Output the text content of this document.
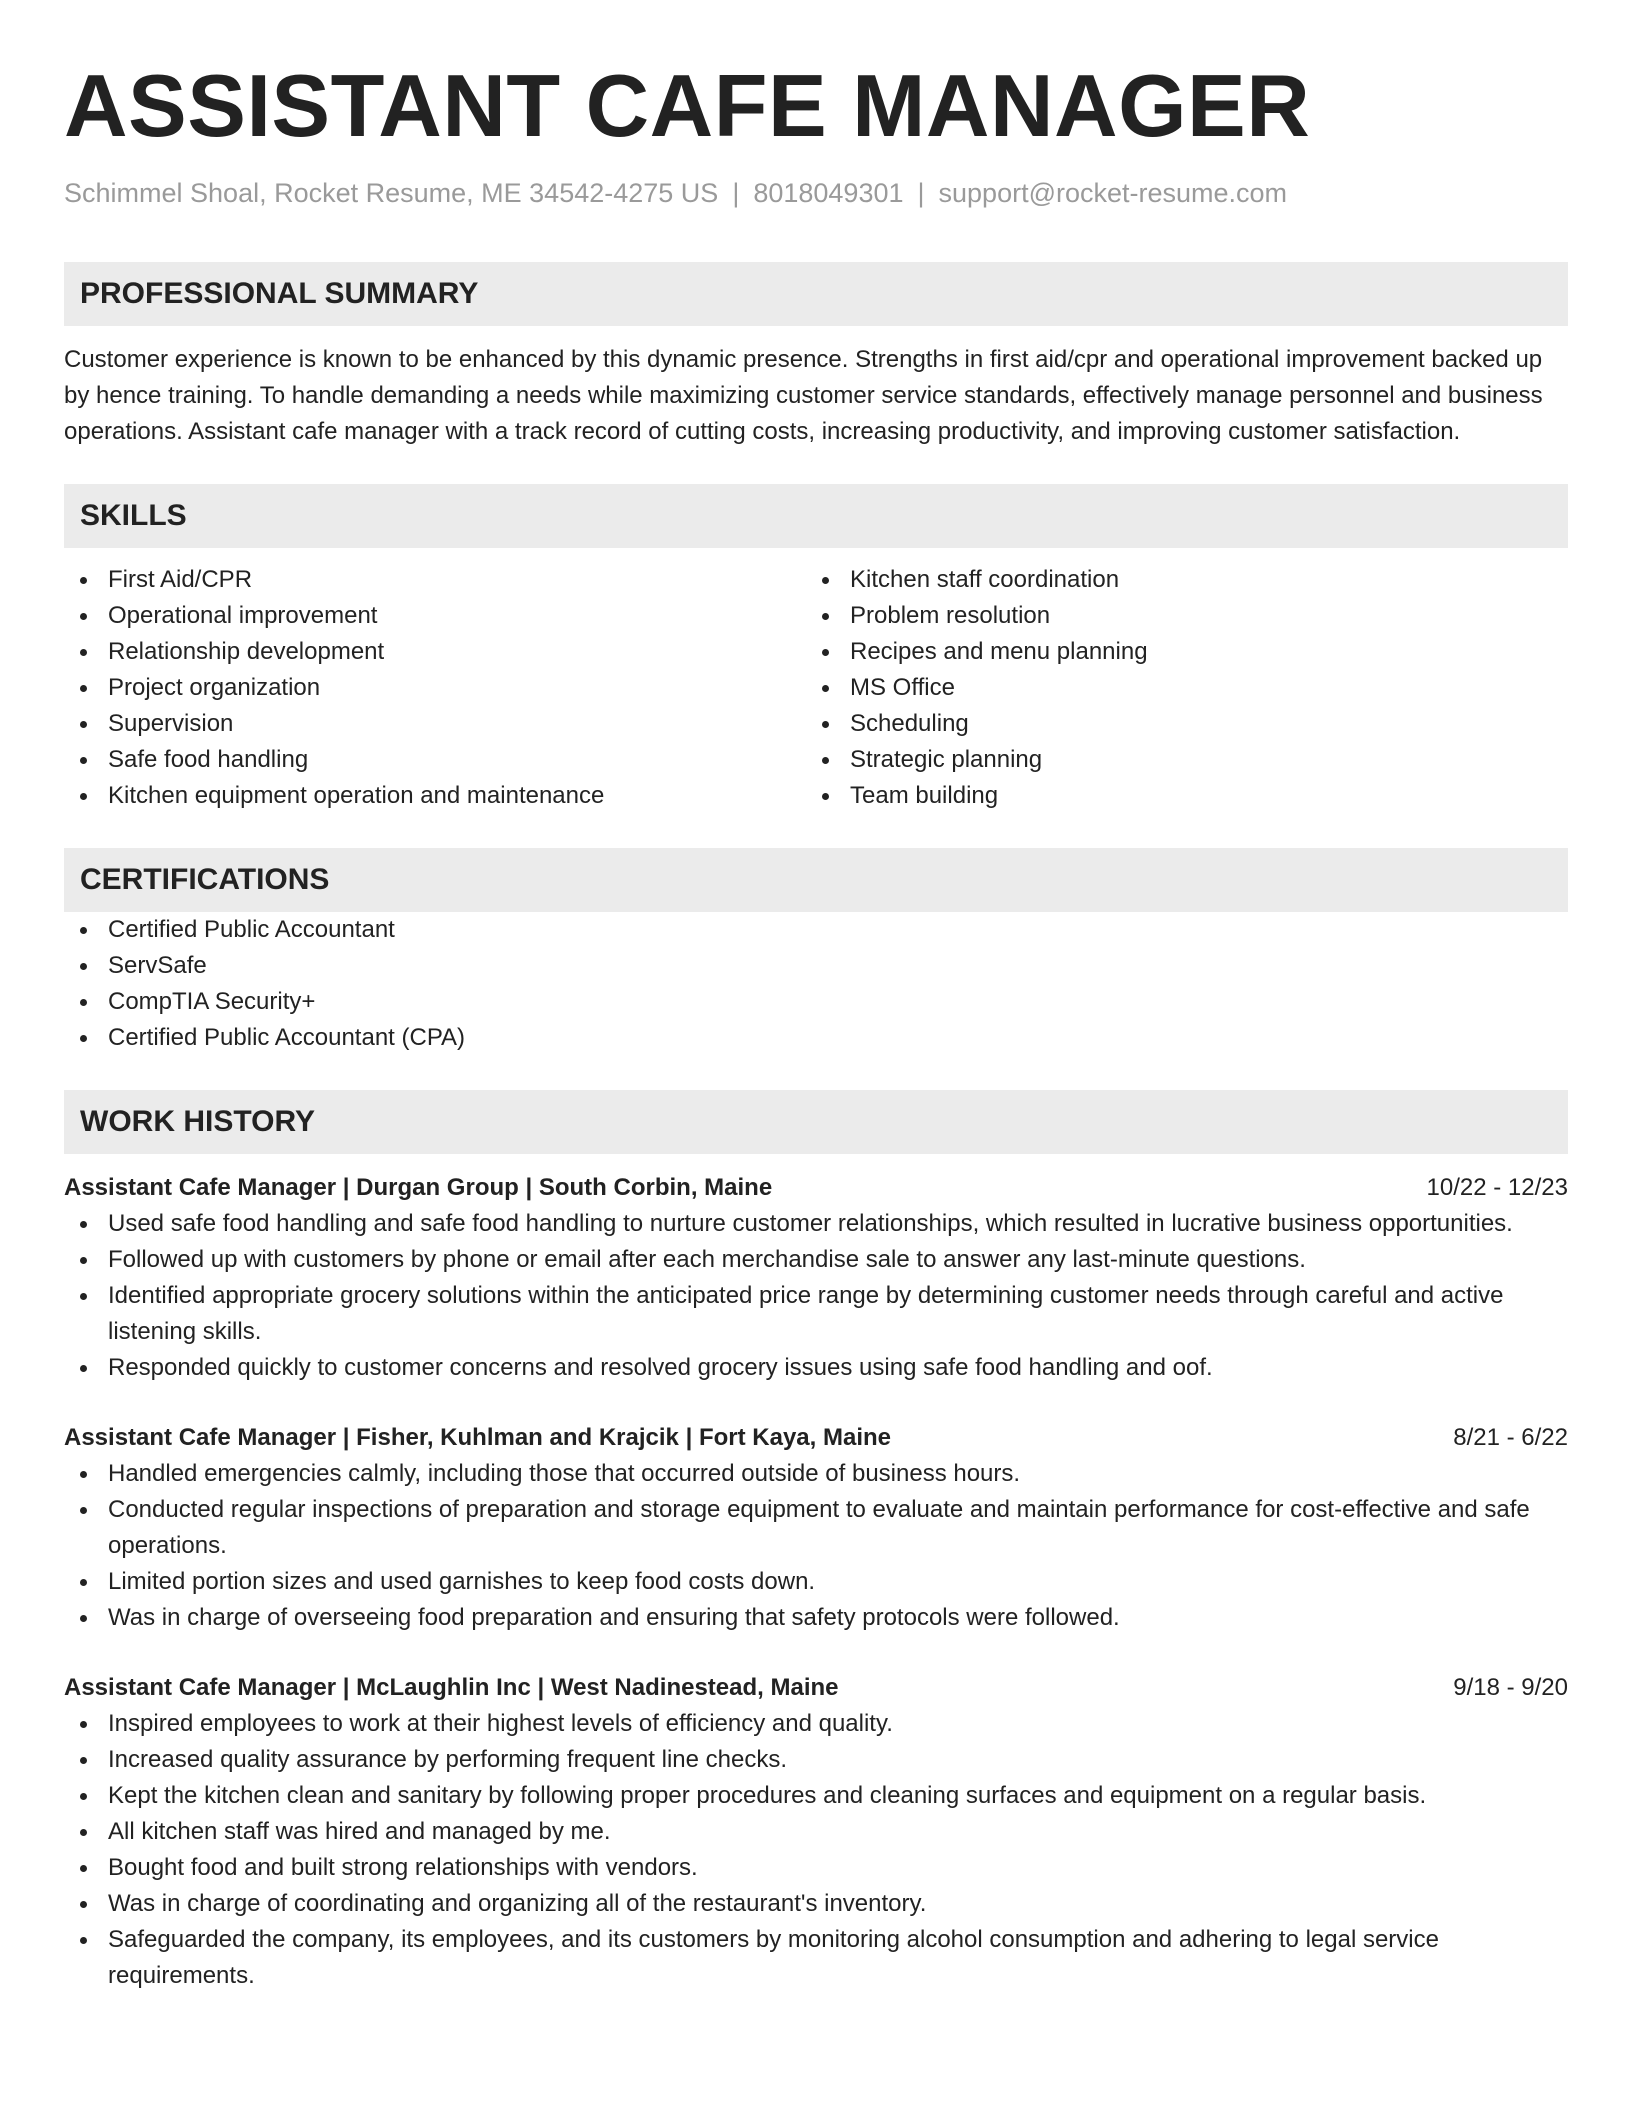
ASSISTANT CAFE MANAGER
Schimmel Shoal, Rocket Resume, ME 34542-4275 US | 8018049301 | support@rocket-resume.com
PROFESSIONAL SUMMARY

Customer experience is known to be enhanced by this dynamic presence. Strengths in first aid/cpr and operational improvement backed up by hence training. To handle demanding a needs while maximizing customer service standards, effectively manage personnel and business operations. Assistant cafe manager with a track record of cutting costs, increasing productivity, and improving customer satisfaction.

SKILLS
First Aid/CPR
Operational improvement
Relationship development
Project organization
Supervision
Safe food handling
Kitchen equipment operation and maintenance
Kitchen staff coordination
Problem resolution
Recipes and menu planning
MS Office
Scheduling
Strategic planning
Team building
CERTIFICATIONS
Certified Public Accountant
ServSafe
CompTIA Security+
Certified Public Accountant (CPA)
WORK HISTORY
Assistant Cafe Manager | Durgan Group | South Corbin, Maine	10/22 - 12/23
Used safe food handling and safe food handling to nurture customer relationships, which resulted in lucrative business opportunities.
Followed up with customers by phone or email after each merchandise sale to answer any last-minute questions.
Identified appropriate grocery solutions within the anticipated price range by determining customer needs through careful and active listening skills.
Responded quickly to customer concerns and resolved grocery issues using safe food handling and oof.
Assistant Cafe Manager | Fisher, Kuhlman and Krajcik | Fort Kaya, Maine	8/21 - 6/22
Handled emergencies calmly, including those that occurred outside of business hours.
Conducted regular inspections of preparation and storage equipment to evaluate and maintain performance for cost-effective and safe operations.
Limited portion sizes and used garnishes to keep food costs down.
Was in charge of overseeing food preparation and ensuring that safety protocols were followed.
Assistant Cafe Manager | McLaughlin Inc | West Nadinestead, Maine	9/18 - 9/20
Inspired employees to work at their highest levels of efficiency and quality.
Increased quality assurance by performing frequent line checks.
Kept the kitchen clean and sanitary by following proper procedures and cleaning surfaces and equipment on a regular basis.
All kitchen staff was hired and managed by me.
Bought food and built strong relationships with vendors.
Was in charge of coordinating and organizing all of the restaurant's inventory.
Safeguarded the company, its employees, and its customers by monitoring alcohol consumption and adhering to legal service requirements.
